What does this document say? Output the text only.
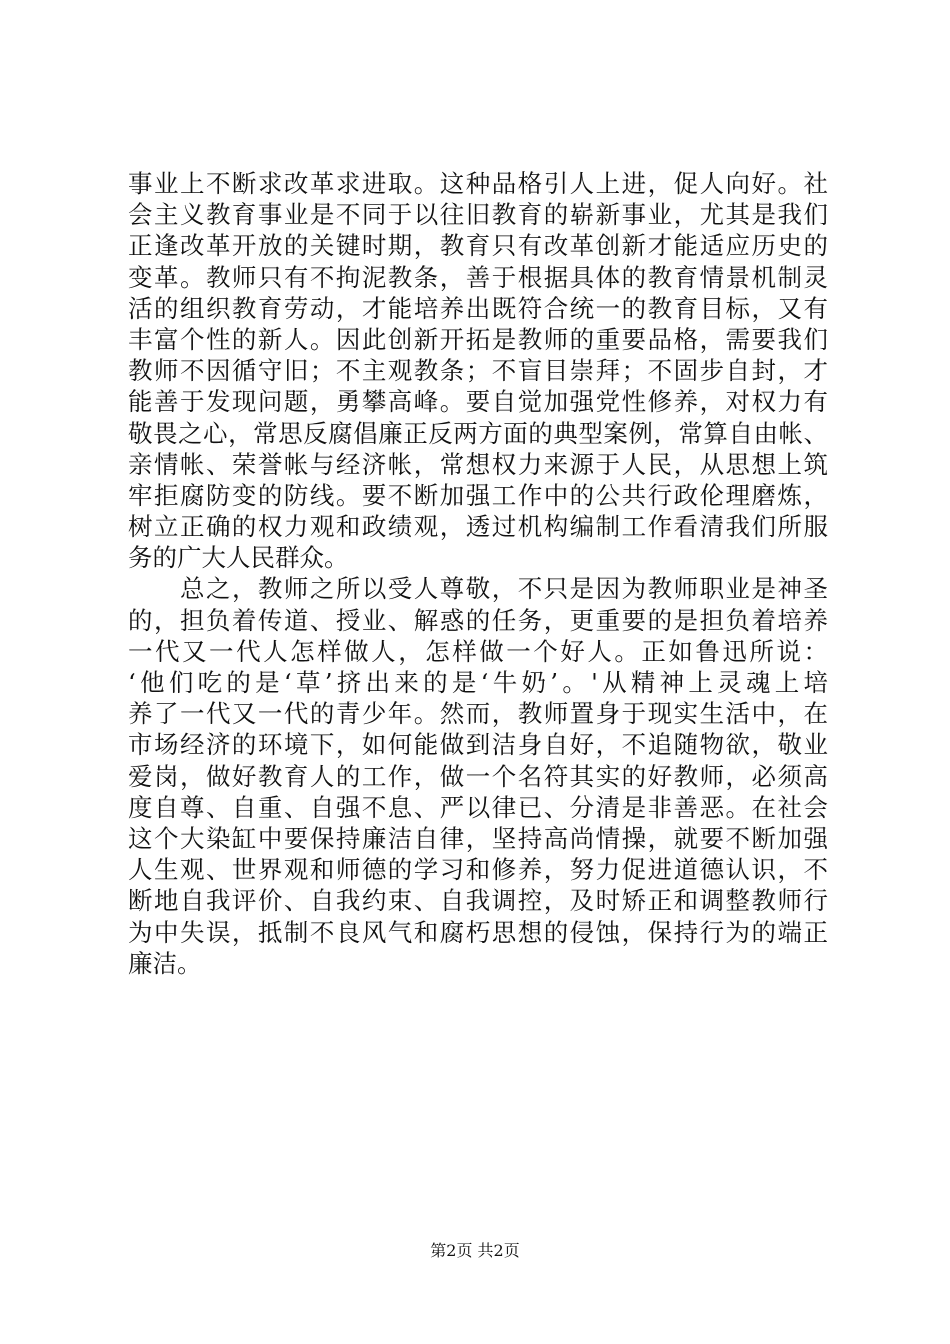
事业上不断求改革求进取。这种品格引人上进，促人向好。社
会主义教育事业是不同于以往旧教育的崭新事业，尤其是我们
正逢改革开放的关键时期，教育只有改革创新才能适应历史的
变革。教师只有不拘泥教条，善于根据具体的教育情景机制灵
活的组织教育劳动，才能培养出既符合统一的教育目标，又有
丰富个性的新人。因此创新开拓是教师的重要品格，需要我们
教师不因循守旧；不主观教条；不盲目崇拜；不固步自封，才
能善于发现问题，勇攀高峰。要自觉加强党性修养，对权力有
敬畏之心，常思反腐倡廉正反两方面的典型案例，常算自由帐、
亲情帐、荣誉帐与经济帐，常想权力来源于人民，从思想上筑
牢拒腐防变的防线。要不断加强工作中的公共行政伦理磨炼，
树立正确的权力观和政绩观，透过机构编制工作看清我们所服
务的广大人民群众。
总之，教师之所以受人尊敬，不只是因为教师职业是神圣
的，担负着传道、授业、解惑的任务，更重要的是担负着培养
一代又一代人怎样做人，怎样做一个好人。正如鲁迅所说：
‘他们吃的是‘草’挤出来的是‘牛奶’。'从精神上灵魂上培
养了一代又一代的青少年。然而，教师置身于现实生活中，在
市场经济的环境下，如何能做到洁身自好，不追随物欲，敬业
爱岗，做好教育人的工作，做一个名符其实的好教师，必须高
度自尊、自重、自强不息、严以律已、分清是非善恶。在社会
这个大染缸中要保持廉洁自律，坚持高尚情操，就要不断加强
人生观、世界观和师德的学习和修养，努力促进道德认识，不
断地自我评价、自我约束、自我调控，及时矫正和调整教师行
为中失误，抵制不良风气和腐朽思想的侵蚀，保持行为的端正
廉洁。
第2页 共2页
